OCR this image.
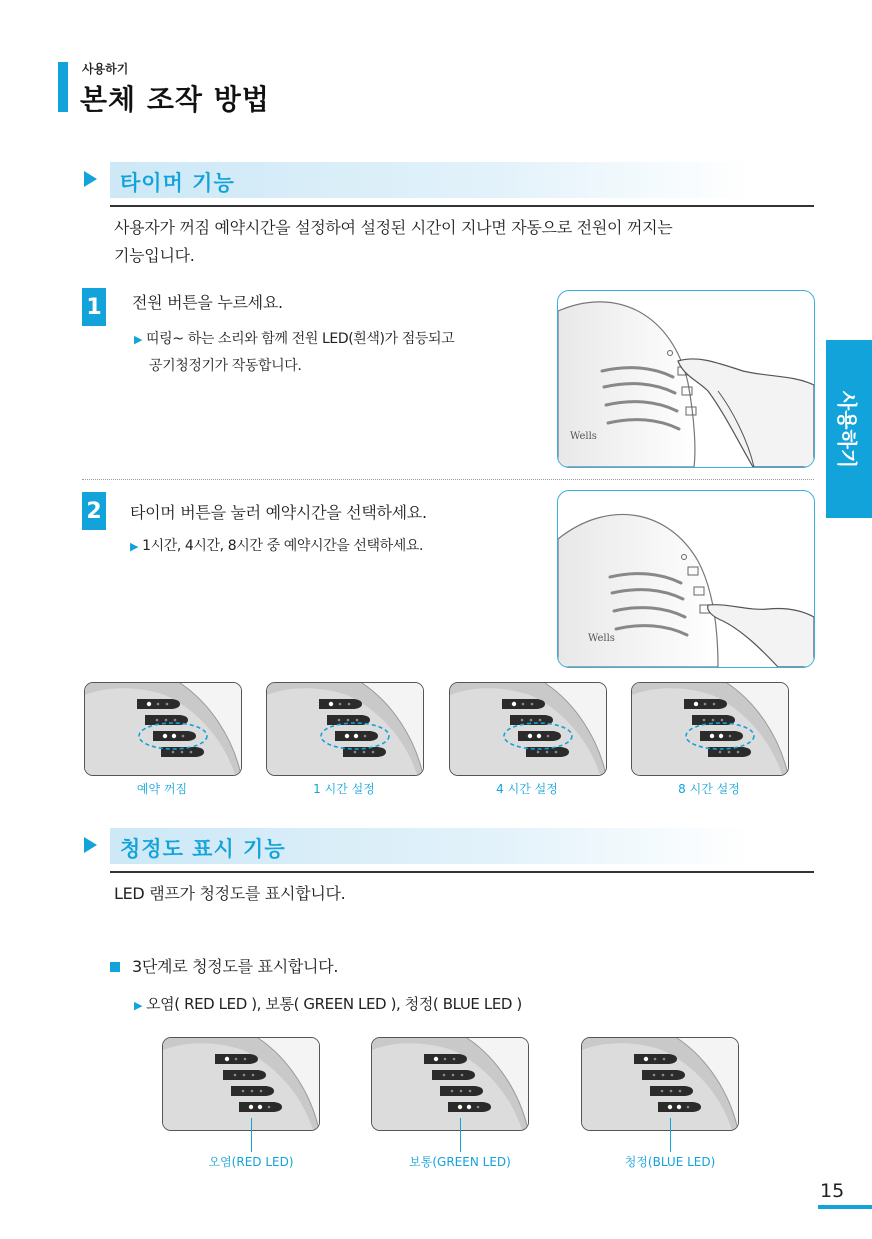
사용하기
본체 조작 방법
사용하기
타이머 기능
사용자가 꺼짐 예약시간을 설정하여 설정된 시간이 지나면 자동으로 전원이 꺼지는
기능입니다.
1 전원 버튼을 누르세요.
▶ 띠링~ 하는 소리와 함께 전원 LED(흰색)가 점등되고
공기청정기가 작동합니다.
Wells
2 타이머 버튼을 눌러 예약시간을 선택하세요.
▶ 1시간, 4시간, 8시간 중 예약시간을 선택하세요.
Wells
예약 꺼짐	1 시간 설정	4 시간 설정	8 시간 설정
청정도 표시 기능
LED 램프가 청정도를 표시합니다.
3단계로 청정도를 표시합니다.
▶ 오염( RED LED ), 보통( GREEN LED ), 청정( BLUE LED )
오염(RED LED)	보통(GREEN LED)	청정(BLUE LED)
15
